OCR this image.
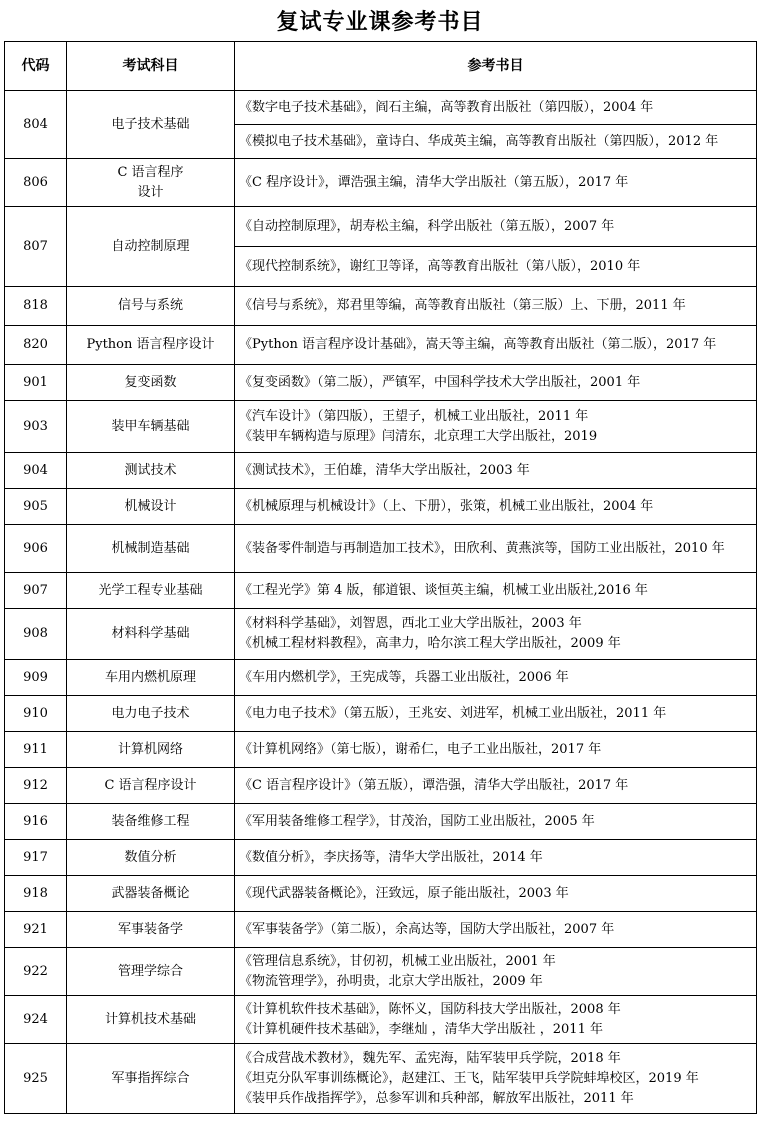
复试专业课参考书目
代码	考试科目	参考书目
804	电子技术基础	《数字电子技术基础》，阎石主编，高等教育出版社（第四版），2004 年

		《模拟电子技术基础》，童诗白、华成英主编，高等教育出版社（第四版），2012 年

806	C 语言程序
设计	《C 程序设计》，谭浩强主编，清华大学出版社（第五版），2017 年

807	自动控制原理	《自动控制原理》，胡寿松主编，科学出版社（第五版），2007 年

		《现代控制系统》，谢红卫等译，高等教育出版社（第八版），2010 年

818	信号与系统	《信号与系统》，郑君里等编，高等教育出版社（第三版）上、下册，2011 年

820	Python 语言程序设计	《Python 语言程序设计基础》，嵩天等主编，高等教育出版社（第二版），2017 年

901	复变函数	《复变函数》（第二版），严镇军，中国科学技术大学出版社，2001 年

903	装甲车辆基础	《汽车设计》（第四版），王望子，机械工业出版社，2011 年
《装甲车辆构造与原理》闫清东，北京理工大学出版社，2019

904	测试技术	《测试技术》，王伯雄，清华大学出版社，2003 年

905	机械设计	《机械原理与机械设计》（上、下册），张策，机械工业出版社，2004 年

906	机械制造基础	《装备零件制造与再制造加工技术》，田欣利、黄燕滨等，国防工业出版社，2010 年

907	光学工程专业基础	《工程光学》第 4 版，郁道银、谈恒英主编，机械工业出版社,2016 年

908	材料科学基础	《材料科学基础》，刘智恩，西北工业大学出版社，2003 年
《机械工程材料教程》，高聿力，哈尔滨工程大学出版社，2009 年

909	车用内燃机原理	《车用内燃机学》，王宪成等，兵器工业出版社，2006 年

910	电力电子技术	《电力电子技术》（第五版），王兆安、刘进军，机械工业出版社，2011 年

911	计算机网络	《计算机网络》（第七版），谢希仁，电子工业出版社，2017 年

912	C 语言程序设计	《C 语言程序设计》（第五版），谭浩强，清华大学出版社，2017 年

916	装备维修工程	《军用装备维修工程学》，甘茂治，国防工业出版社，2005 年

917	数值分析	《数值分析》，李庆扬等，清华大学出版社，2014 年

918	武器装备概论	《现代武器装备概论》，汪致远，原子能出版社，2003 年

921	军事装备学	《军事装备学》（第二版），余高达等，国防大学出版社，2007 年

922	管理学综合	《管理信息系统》，甘仞初，机械工业出版社，2001 年
《物流管理学》，孙明贵，北京大学出版社，2009 年

924	计算机技术基础	《计算机软件技术基础》，陈怀义，国防科技大学出版社，2008 年
《计算机硬件技术基础》，李继灿 ，清华大学出版社 ，2011 年

925	军事指挥综合	《合成营战术教材》，魏先军、孟宪海，陆军装甲兵学院，2018 年
《坦克分队军事训练概论》，赵建江、王飞，陆军装甲兵学院蚌埠校区，2019 年
《装甲兵作战指挥学》，总参军训和兵种部，解放军出版社，2011 年
